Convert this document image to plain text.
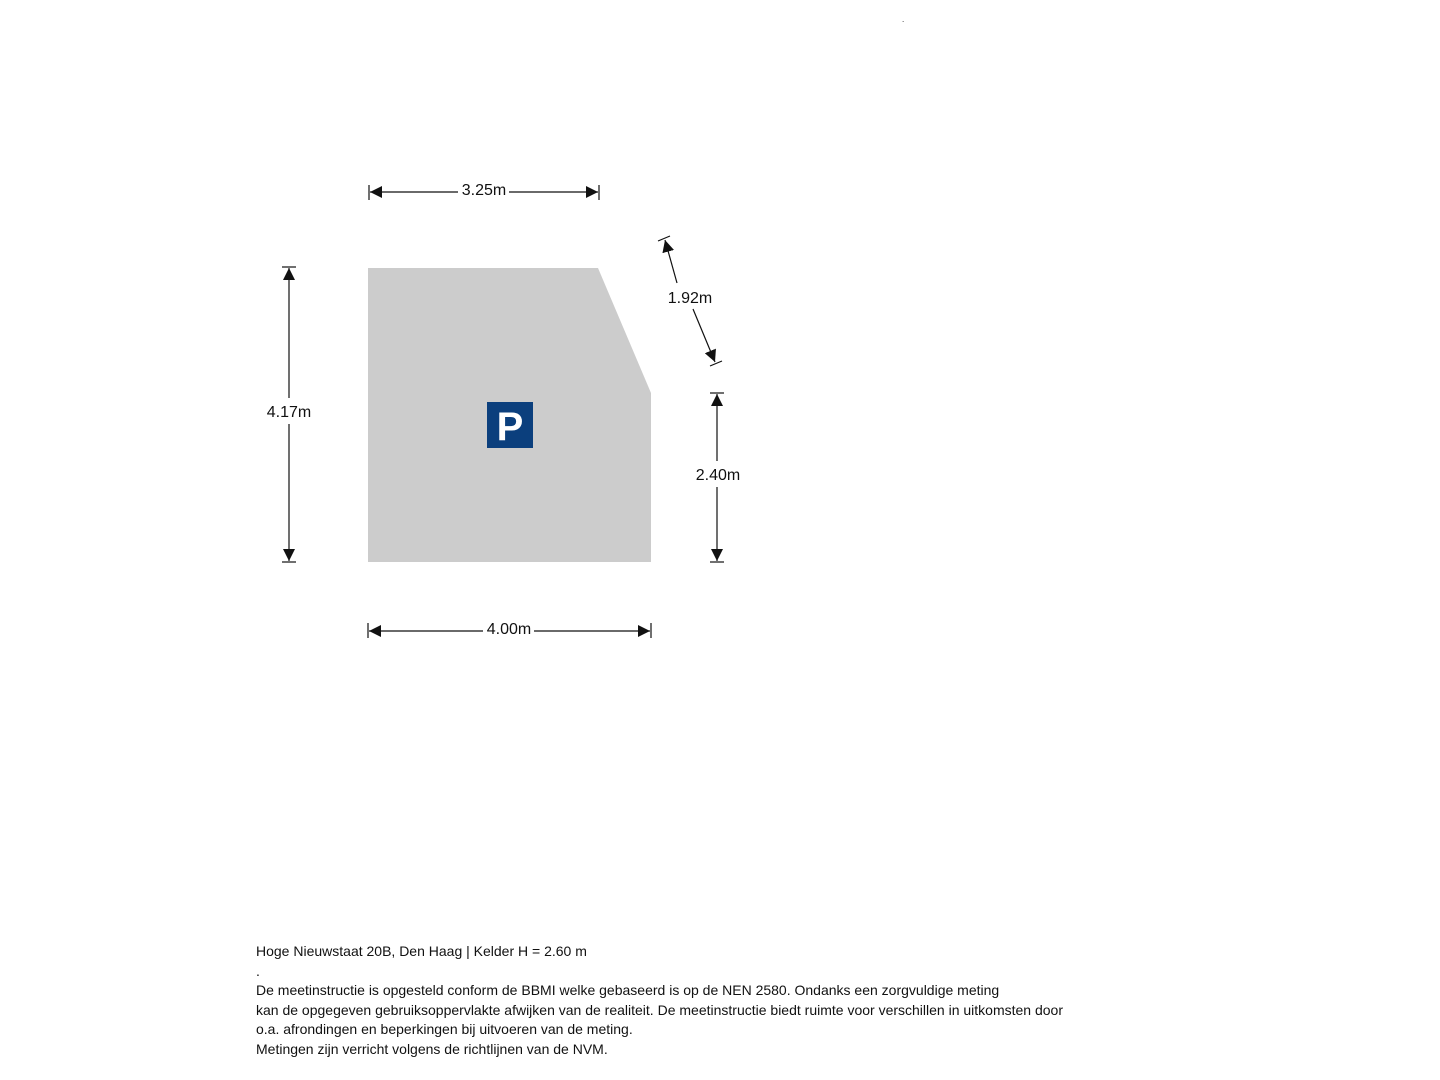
P
3.25m
1.92m
4.17m
2.40m
4.00m
.
Hoge Nieuwstaat 20B, Den Haag | Kelder H = 2.60 m
.
De meetinstructie is opgesteld conform de BBMI welke gebaseerd is op de NEN 2580. Ondanks een zorgvuldige meting
kan de opgegeven gebruiksoppervlakte afwijken van de realiteit. De meetinstructie biedt ruimte voor verschillen in uitkomsten door
o.a. afrondingen en beperkingen bij uitvoeren van de meting.
Metingen zijn verricht volgens de richtlijnen van de NVM.
